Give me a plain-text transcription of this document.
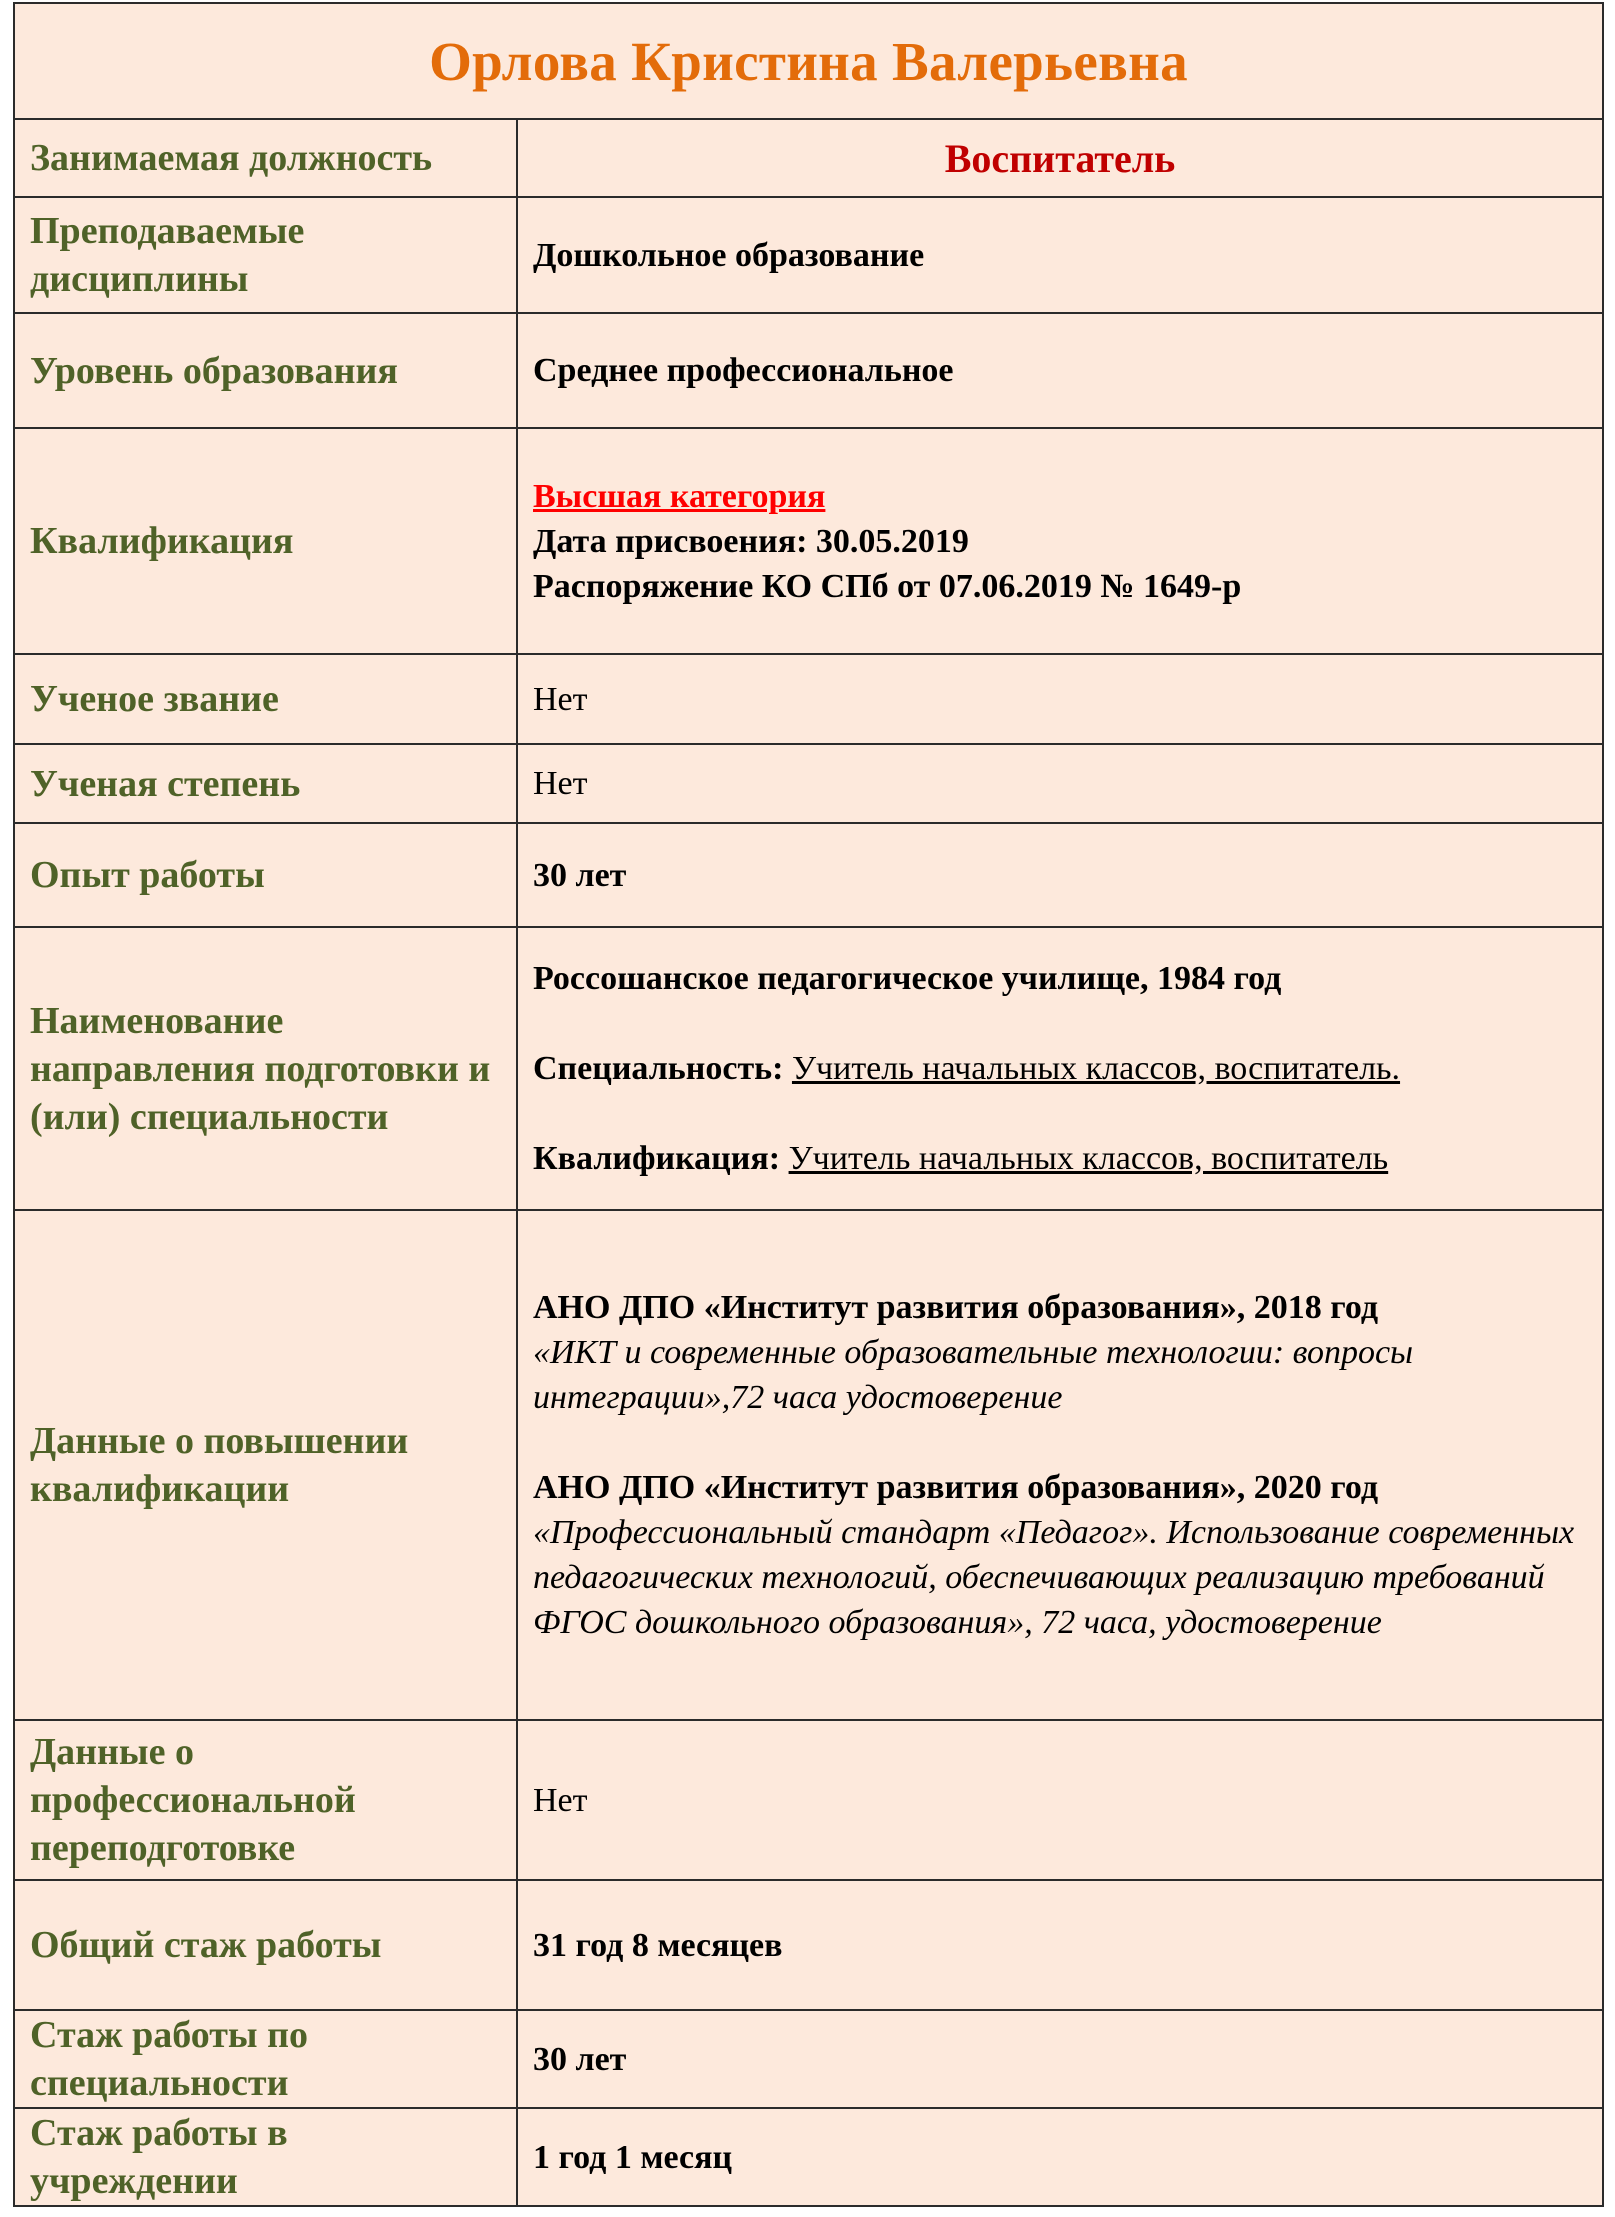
Орлова Кристина Валерьевна	
Занимаемая должность	Воспитатель
Преподаваемые дисциплины	Дошкольное образование
Уровень образования	Среднее профессиональное
Квалификация	Высшая категория
Дата присвоения: 30.05.2019
Распоряжение КО СПб от 07.06.2019 № 1649-р

Ученое звание	Нет
Ученая степень	Нет
Опыт работы	30 лет
Наименование направления подготовки и (или) специальности	Россошанское педагогическое училище, 1984 год
Специальность: Учитель начальных классов, воспитатель.
Квалификация: Учитель начальных классов, воспитатель

Данные о повышении квалификации	АНО ДПО «Институт развития образования», 2018 год
«ИКТ и современные образовательные технологии: вопросы интеграции»,72 часа удостоверение
АНО ДПО «Институт развития образования», 2020 год
«Профессиональный стандарт «Педагог». Использование современных педагогических технологий, обеспечивающих реализацию требований ФГОС дошкольного образования», 72 часа, удостоверение

Данные о профессиональной переподготовке	Нет
Общий стаж работы	31 год 8 месяцев
Стаж работы по специальности	30 лет
Стаж работы в учреждении	1 год 1 месяц
